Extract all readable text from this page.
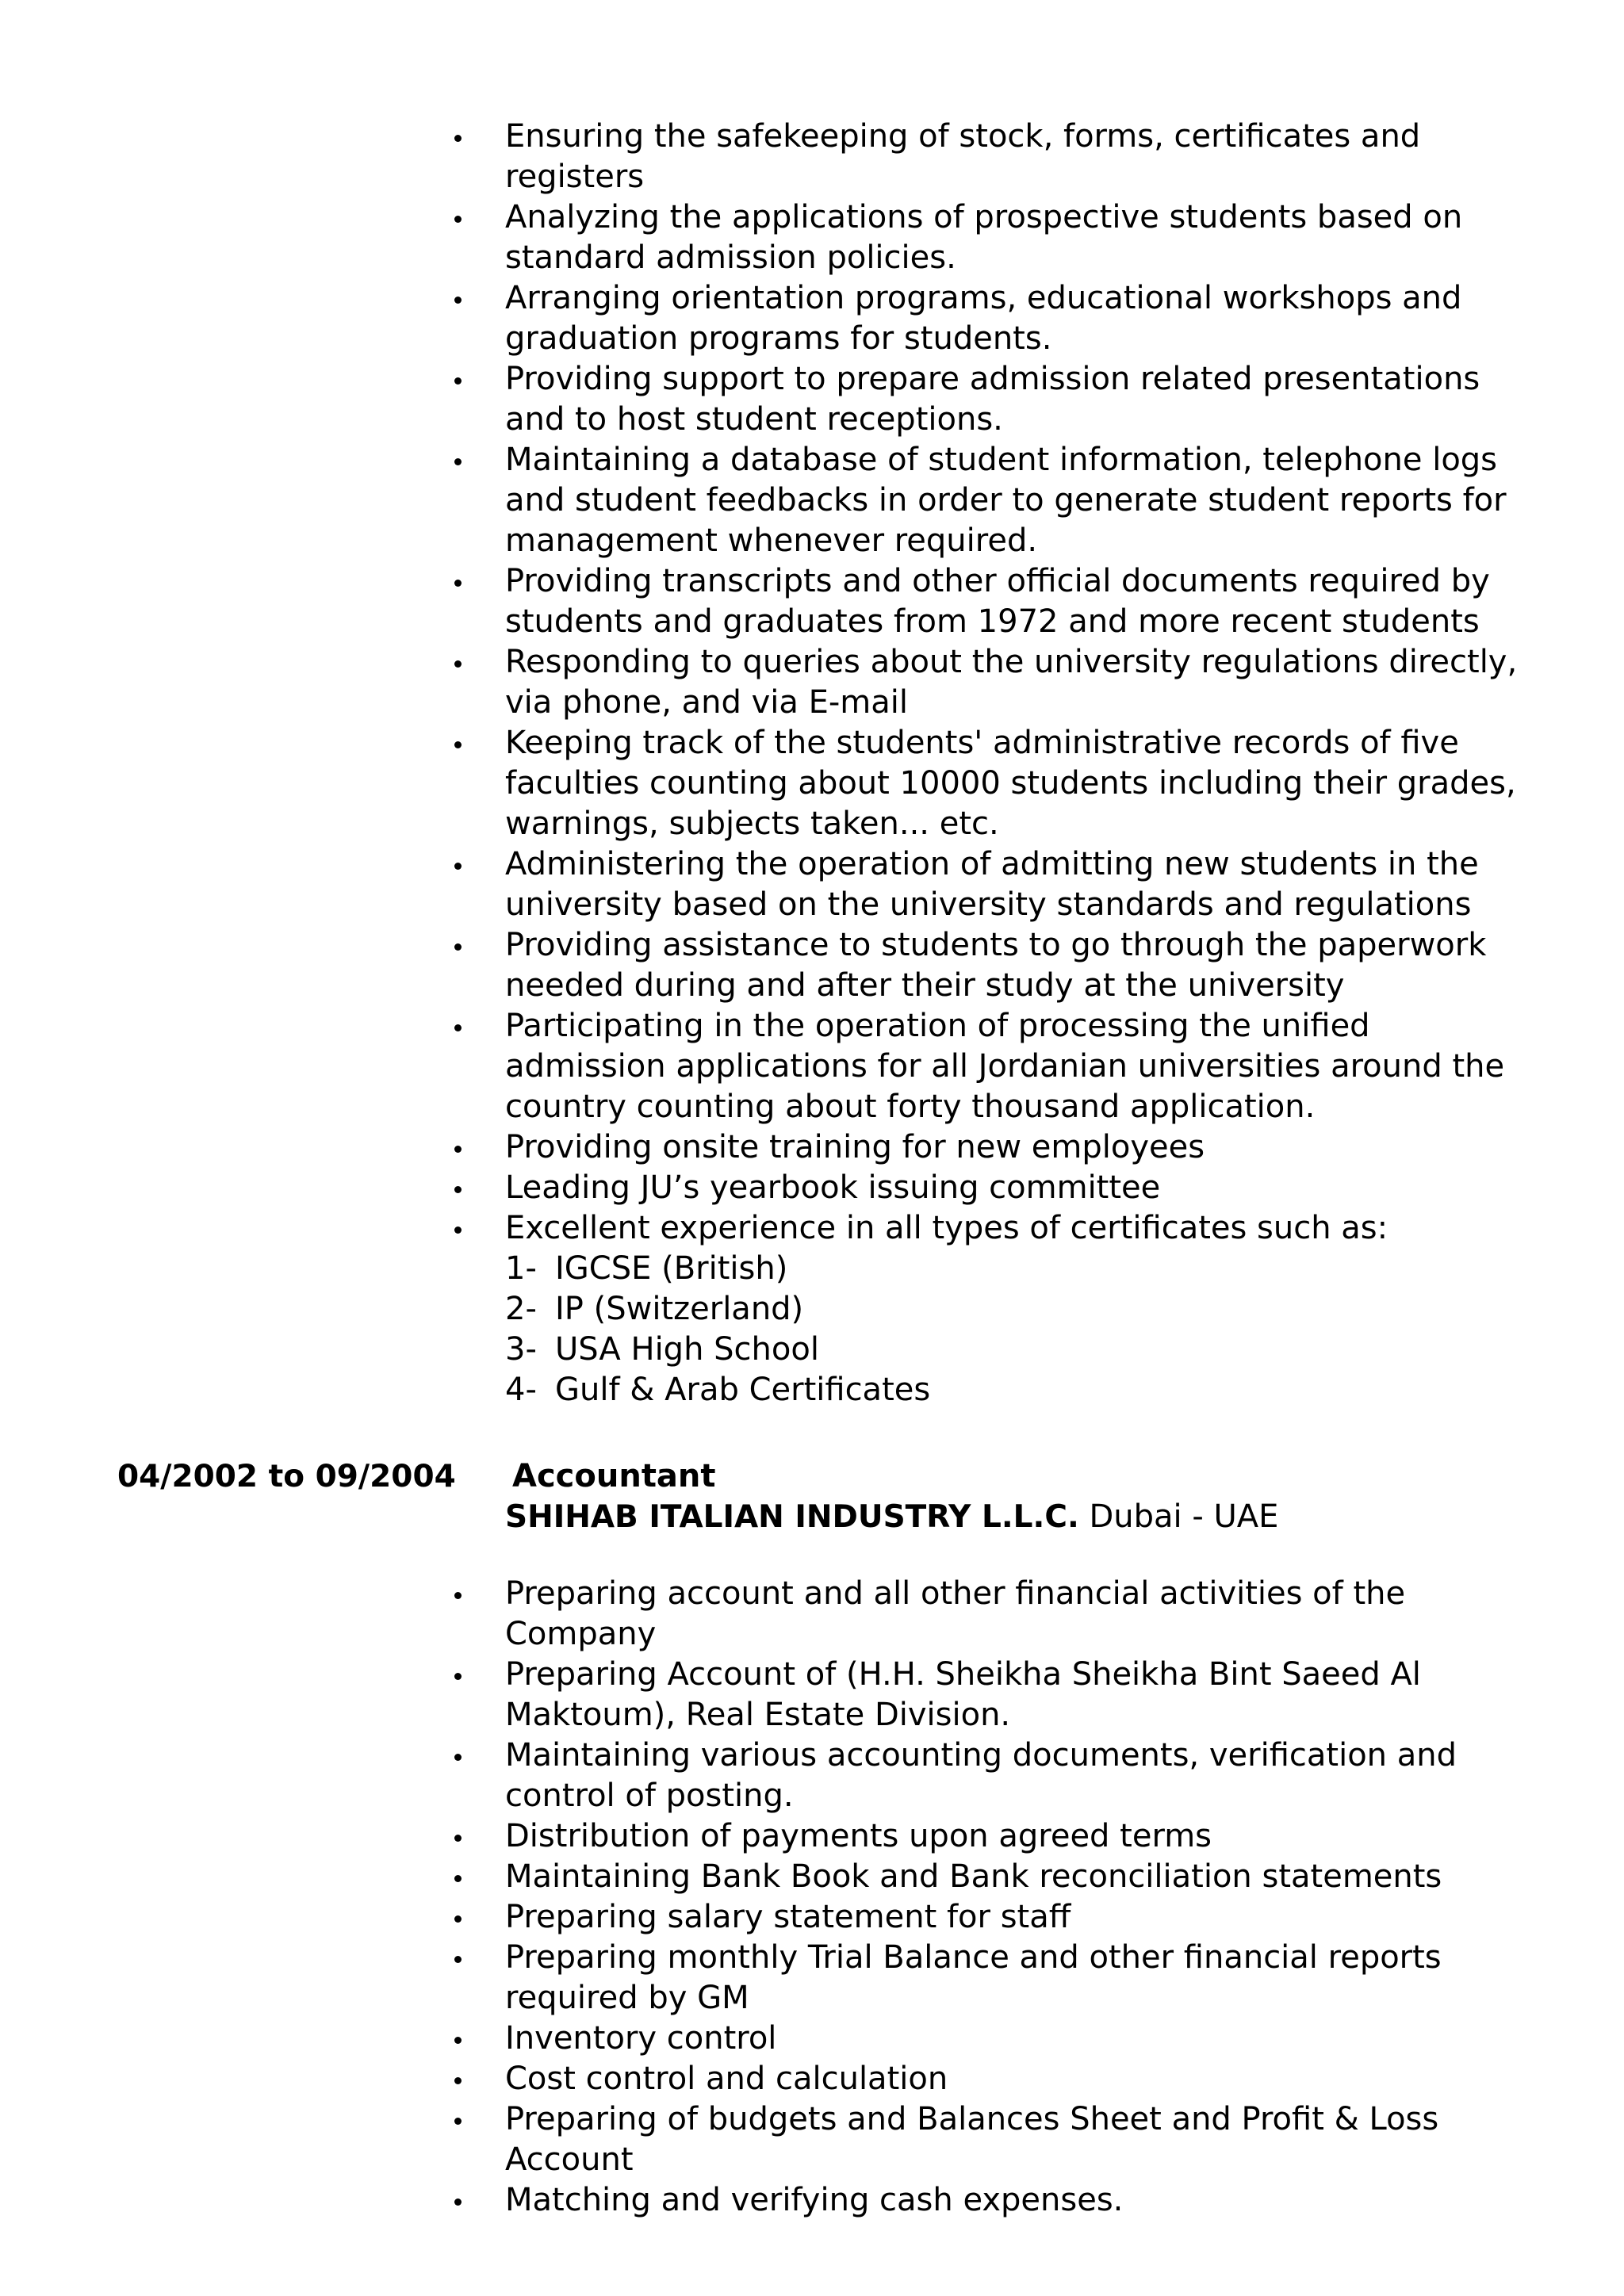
Ensuring the safekeeping of stock, forms, certificates and registers
Analyzing the applications of prospective students based on standard admission policies.
Arranging orientation programs, educational workshops and graduation programs for students.
Providing support to prepare admission related presentations and to host student receptions.
Maintaining a database of student information, telephone logs and student feedbacks in order to generate student reports for management whenever required.
Providing transcripts and other official documents required by students and graduates from 1972 and more recent students
Responding to queries about the university regulations directly, via phone, and via E-mail
Keeping track of the students' administrative records of five faculties counting about 10000 students including their grades, warnings, subjects taken... etc.
Administering the operation of admitting new students in the university based on the university standards and regulations
Providing assistance to students to go through the paperwork needed during and after their study at the university
Participating in the operation of processing the unified admission applications for all Jordanian universities around the country counting about forty thousand application.
Providing onsite training for new employees
Leading JU’s yearbook issuing committee
Excellent experience in all types of certificates such as:
1- IGCSE (British)
2- IP (Switzerland)
3- USA High School
4- Gulf & Arab Certificates
04/2002 to 09/2004 Accountant
SHIHAB ITALIAN INDUSTRY L.L.C. Dubai - UAE
Preparing account and all other financial activities of the Company
Preparing Account of (H.H. Sheikha Sheikha Bint Saeed Al Maktoum), Real Estate Division.
Maintaining various accounting documents, verification and control of posting.
Distribution of payments upon agreed terms
Maintaining Bank Book and Bank reconciliation statements
Preparing salary statement for staff
Preparing monthly Trial Balance and other financial reports required by GM
Inventory control
Cost control and calculation
Preparing of budgets and Balances Sheet and Profit & Loss Account
Matching and verifying cash expenses.
